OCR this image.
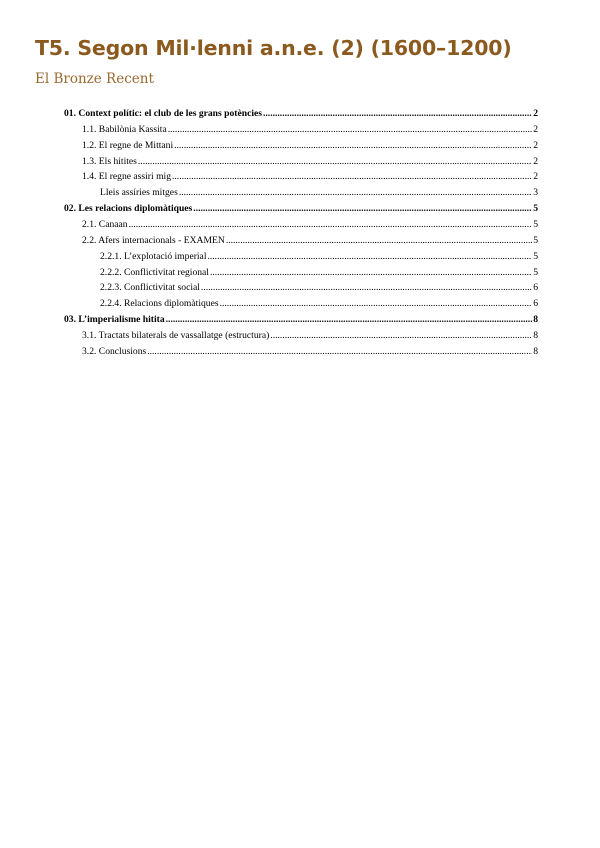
T5. Segon Mil·lenni a.n.e. (2) (1600–1200)
El Bronze Recent
01. Context polític: el club de les grans potències .....	2
1.1. Babilònia Kassita .....	2
1.2. El regne de Mittani .....	2
1.3. Els hitites .....	2
1.4. El regne assiri mig .....	2
Lleis assíries mitges .....	3
02. Les relacions diplomàtiques .....	5
2.1. Canaan .....	5
2.2. Afers internacionals - EXAMEN .....	5
2.2.1. L’explotació imperial .....	5
2.2.2. Conflictivitat regional .....	5
2.2.3. Conflictivitat social .....	6
2.2.4. Relacions diplomàtiques .....	6
03. L’imperialisme hitita .....	8
3.1. Tractats bilaterals de vassallatge (estructura) .....	8
3.2. Conclusions .....	8
